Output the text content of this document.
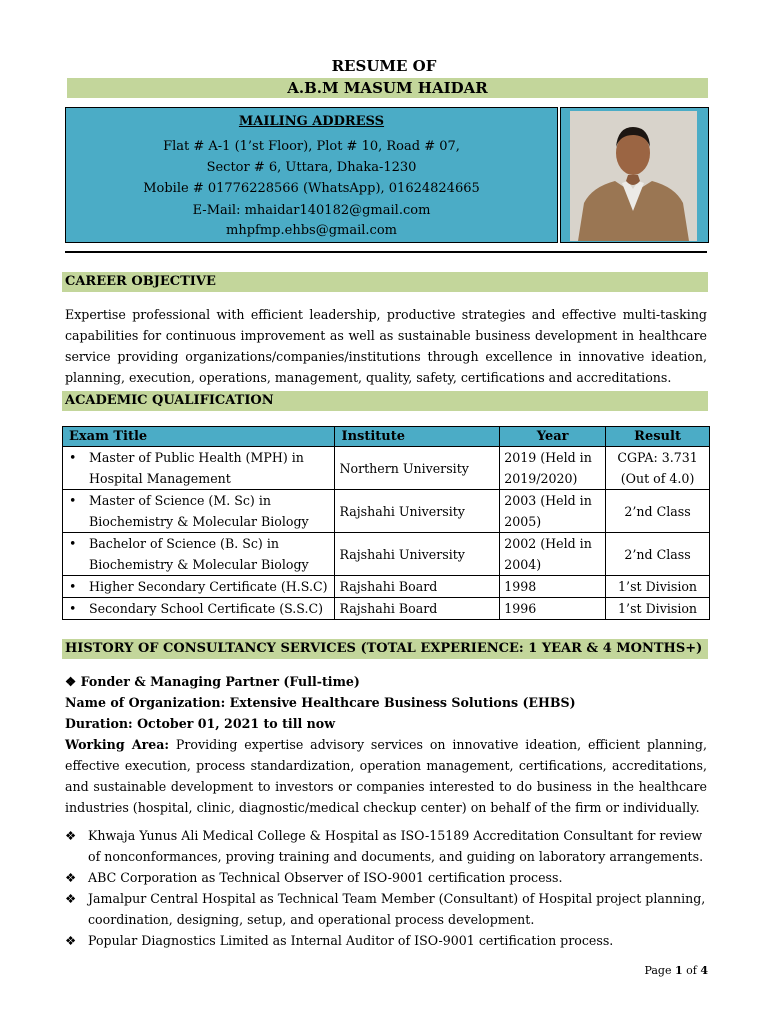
RESUME OF
A.B.M MASUM HAIDAR
MAILING ADDRESS
Flat # A-1 (1’st Floor), Plot # 10, Road # 07,
Sector # 6, Uttara, Dhaka-1230
Mobile # 01776228566 (WhatsApp), 01624824665
E-Mail: mhaidar140182@gmail.com
mhpfmp.ehbs@gmail.com
CAREER OBJECTIVE
Expertise professional with efficient leadership, productive strategies and effective multi-tasking capabilities for continuous improvement as well as sustainable business development in healthcare service providing organizations/companies/institutions through excellence in innovative ideation, planning, execution, operations, management, quality, safety, certifications and accreditations.
ACADEMIC QUALIFICATION
Exam Title	Institute	Year	Result

• Master of Public Health (MPH) in Hospital Management	Northern University	2019 (Held in 2019/2020)	CGPA: 3.731 (Out of 4.0)

• Master of Science (M. Sc) in Biochemistry & Molecular Biology	Rajshahi University	2003 (Held in 2005)	2’nd Class

• Bachelor of Science (B. Sc) in Biochemistry & Molecular Biology	Rajshahi University	2002 (Held in 2004)	2’nd Class

• Higher Secondary Certificate (H.S.C)	Rajshahi Board	1998	1’st Division

• Secondary School Certificate (S.S.C)	Rajshahi Board	1996	1’st Division
HISTORY OF CONSULTANCY SERVICES (TOTAL EXPERIENCE: 1 YEAR & 4 MONTHS+)
❖ Fonder & Managing Partner (Full-time)
Name of Organization: Extensive Healthcare Business Solutions (EHBS)
Duration: October 01, 2021 to till now
Working Area: Providing expertise advisory services on innovative ideation, efficient planning, effective execution, process standardization, operation management, certifications, accreditations, and sustainable development to investors or companies interested to do business in the healthcare industries (hospital, clinic, diagnostic/medical checkup center) on behalf of the firm or individually.
❖ Khwaja Yunus Ali Medical College & Hospital as ISO-15189 Accreditation Consultant for review of nonconformances, proving training and documents, and guiding on laboratory arrangements.
❖ ABC Corporation as Technical Observer of ISO-9001 certification process.
❖ Jamalpur Central Hospital as Technical Team Member (Consultant) of Hospital project planning, coordination, designing, setup, and operational process development.
❖ Popular Diagnostics Limited as Internal Auditor of ISO-9001 certification process.
Page 1 of 4
